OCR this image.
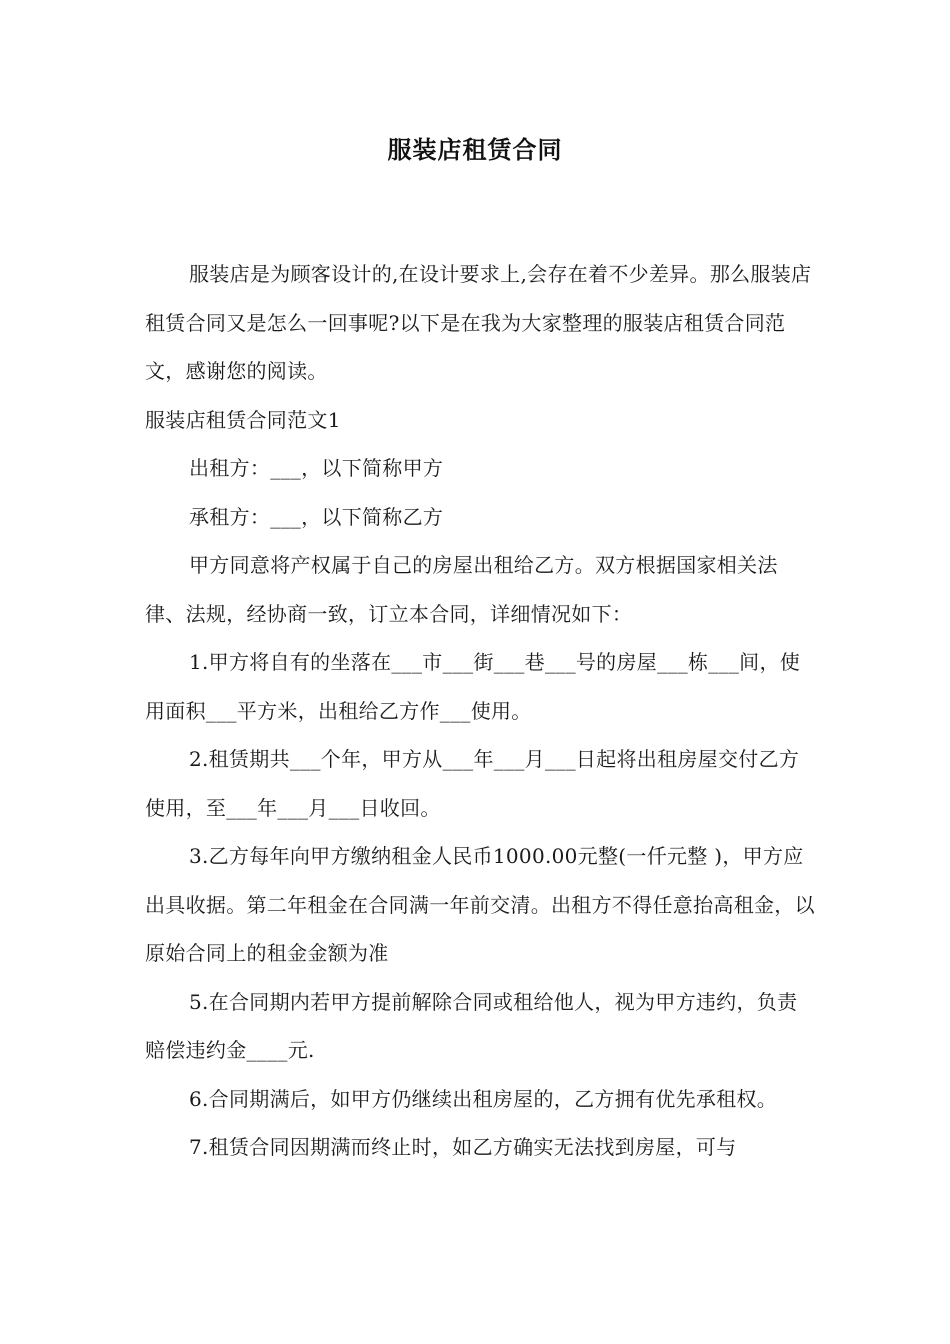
服装店租赁合同

服装店是为顾客设计的,在设计要求上,会存在着不少差异。那么服装店租赁合同又是怎么一回事呢?以下是在我为大家整理的服装店租赁合同范文，感谢您的阅读。

服装店租赁合同范文1

出租方：___，以下简称甲方

承租方：___，以下简称乙方

甲方同意将产权属于自己的房屋出租给乙方。双方根据国家相关法律、法规，经协商一致，订立本合同，详细情况如下：

1.甲方将自有的坐落在___市___街___巷___号的房屋___栋___间，使用面积___平方米，出租给乙方作___使用。

2.租赁期共___个年，甲方从___年___月___日起将出租房屋交付乙方使用，至___年___月___日收回。

3.乙方每年向甲方缴纳租金人民币1000.00元整(一仟元整 )，甲方应出具收据。第二年租金在合同满一年前交清。出租方不得任意抬高租金，以原始合同上的租金金额为准

5.在合同期内若甲方提前解除合同或租给他人，视为甲方违约，负责赔偿违约金____元.

6.合同期满后，如甲方仍继续出租房屋的，乙方拥有优先承租权。

7.租赁合同因期满而终止时，如乙方确实无法找到房屋，可与
